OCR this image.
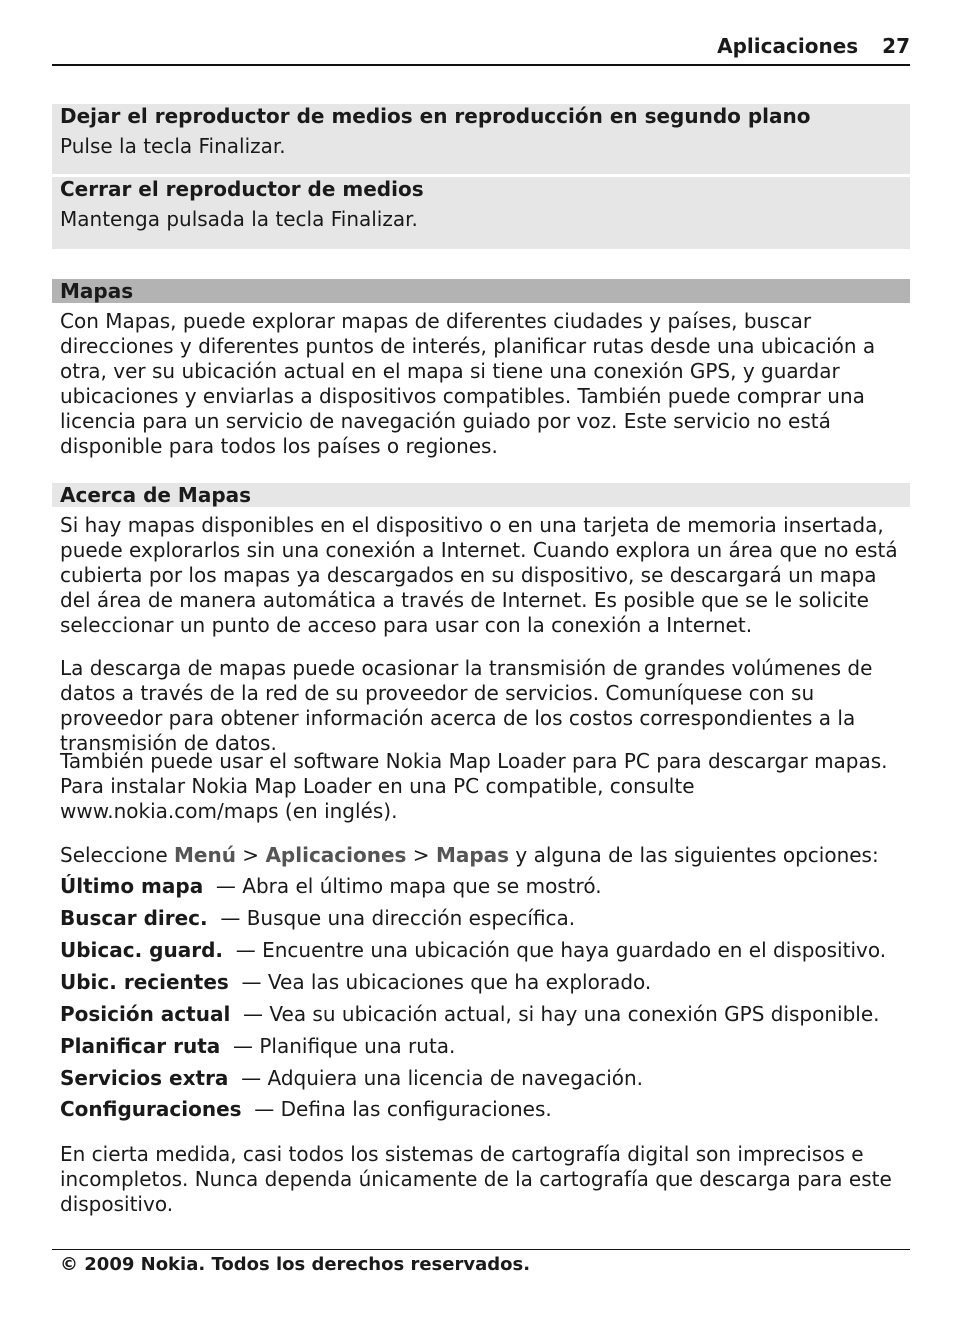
Aplicaciones 27
Dejar el reproductor de medios en reproducción en segundo plano
Pulse la tecla Finalizar.
Cerrar el reproductor de medios
Mantenga pulsada la tecla Finalizar.
Mapas

Con Mapas, puede explorar mapas de diferentes ciudades y países, buscar direcciones y diferentes puntos de interés, planificar rutas desde una ubicación a otra, ver su ubicación actual en el mapa si tiene una conexión GPS, y guardar ubicaciones y enviarlas a dispositivos compatibles. También puede comprar una licencia para un servicio de navegación guiado por voz. Este servicio no está disponible para todos los países o regiones.

Acerca de Mapas

Si hay mapas disponibles en el dispositivo o en una tarjeta de memoria insertada, puede explorarlos sin una conexión a Internet. Cuando explora un área que no está cubierta por los mapas ya descargados en su dispositivo, se descargará un mapa del área de manera automática a través de Internet. Es posible que se le solicite seleccionar un punto de acceso para usar con la conexión a Internet.

La descarga de mapas puede ocasionar la transmisión de grandes volúmenes de datos a través de la red de su proveedor de servicios. Comuníquese con su proveedor para obtener información acerca de los costos correspondientes a la transmisión de datos.

También puede usar el software Nokia Map Loader para PC para descargar mapas. Para instalar Nokia Map Loader en una PC compatible, consulte www.nokia.com/maps (en inglés).

Seleccione Menú > Aplicaciones > Mapas y alguna de las siguientes opciones:

Último mapa — Abra el último mapa que se mostró.

Buscar direc. — Busque una dirección específica.

Ubicac. guard. — Encuentre una ubicación que haya guardado en el dispositivo.

Ubic. recientes — Vea las ubicaciones que ha explorado.

Posición actual — Vea su ubicación actual, si hay una conexión GPS disponible.

Planificar ruta — Planifique una ruta.

Servicios extra — Adquiera una licencia de navegación.

Configuraciones — Defina las configuraciones.

En cierta medida, casi todos los sistemas de cartografía digital son imprecisos e incompletos. Nunca dependa únicamente de la cartografía que descarga para este dispositivo.

© 2009 Nokia. Todos los derechos reservados.
